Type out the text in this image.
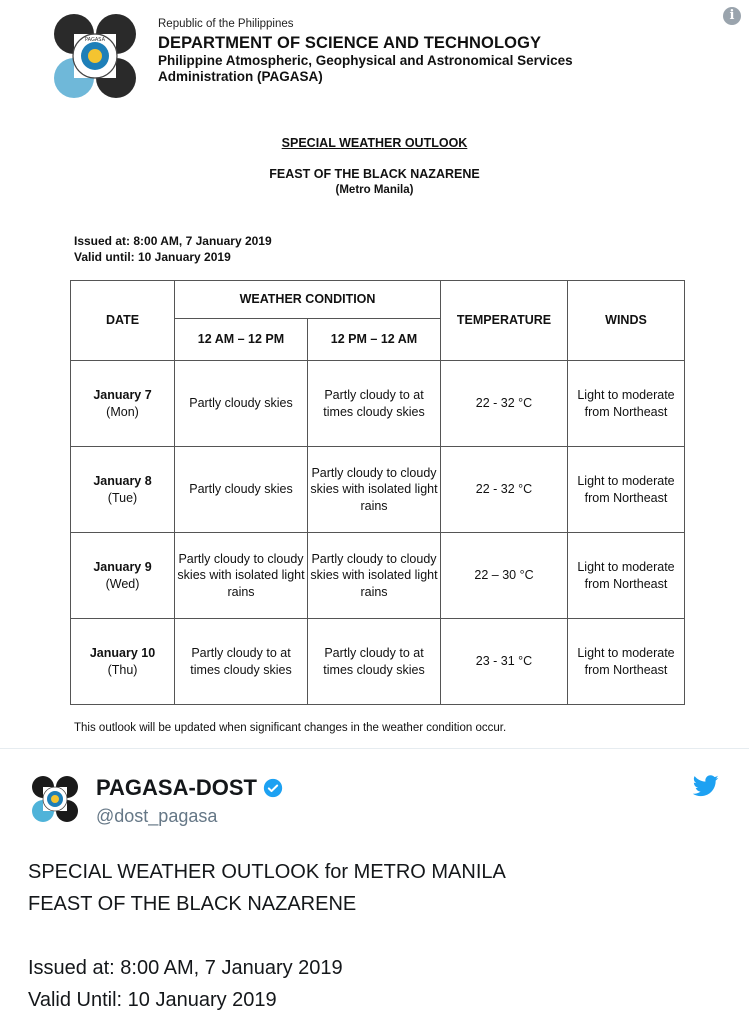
PAGASA
Republic of the Philippines
DEPARTMENT OF SCIENCE AND TECHNOLOGY
Philippine Atmospheric, Geophysical and Astronomical Services
Administration (PAGASA)
i
SPECIAL WEATHER OUTLOOK
FEAST OF THE BLACK NAZARENE
(Metro Manila)
Issued at: 8:00 AM, 7 January 2019
Valid until: 10 January 2019
DATE	WEATHER CONDITION		TEMPERATURE	WINDS
	12 AM – 12 PM	12 PM – 12 AM		
January 7
(Mon)	Partly cloudy skies	Partly cloudy to at times cloudy skies	22 - 32 °C	Light to moderate from Northeast
January 8
(Tue)	Partly cloudy skies	Partly cloudy to cloudy skies with isolated light rains	22 - 32 °C	Light to moderate from Northeast
January 9
(Wed)	Partly cloudy to cloudy skies with isolated light rains	Partly cloudy to cloudy skies with isolated light rains	22 – 30 °C	Light to moderate from Northeast
January 10
(Thu)	Partly cloudy to at times cloudy skies	Partly cloudy to at times cloudy skies	23 - 31 °C	Light to moderate from Northeast
This outlook will be updated when significant changes in the weather condition occur.
PAGASA-DOST
@dost_pagasa

SPECIAL WEATHER OUTLOOK for METRO MANILA

FEAST OF THE BLACK NAZARENE

Issued at: 8:00 AM, 7 January 2019

Valid Until: 10 January 2019
